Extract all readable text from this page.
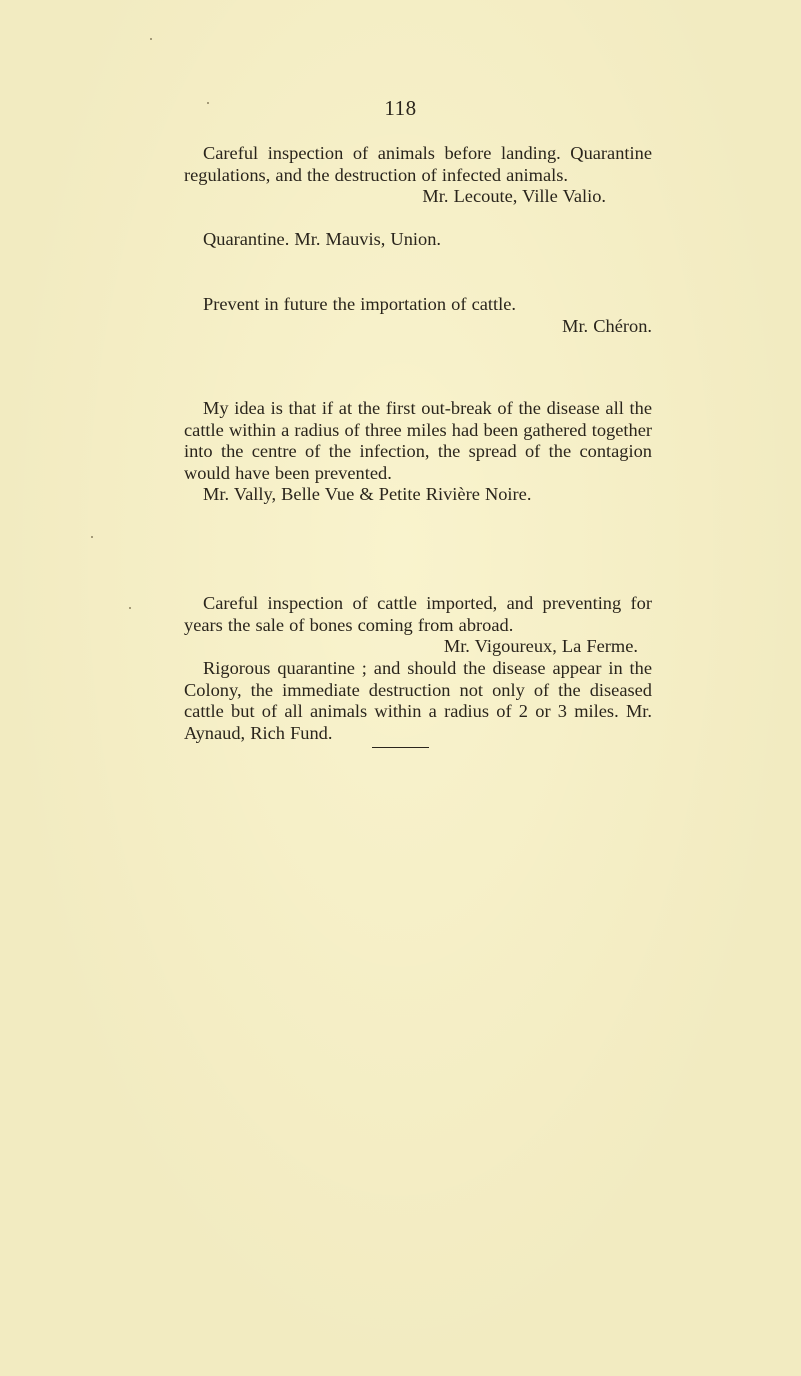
118

Careful inspection of animals before landing. Quarantine regulations, and the destruction of infected animals.

Mr. Lecoute, Ville Valio.

Quarantine. Mr. Mauvis, Union.

Prevent in future the importation of cattle.

Mr. Chéron.

My idea is that if at the first out-break of the disease all the cattle within a radius of three miles had been gathered together into the centre of the infection, the spread of the contagion would have been prevented.

Mr. Vally, Belle Vue & Petite Rivière Noire.

Careful inspection of cattle imported, and preventing for years the sale of bones coming from abroad.

Mr. Vigoureux, La Ferme.

Rigorous quarantine ; and should the disease appear in the Colony, the immediate destruction not only of the diseased cattle but of all animals within a radius of 2 or 3 miles. Mr. Aynaud, Rich Fund.
